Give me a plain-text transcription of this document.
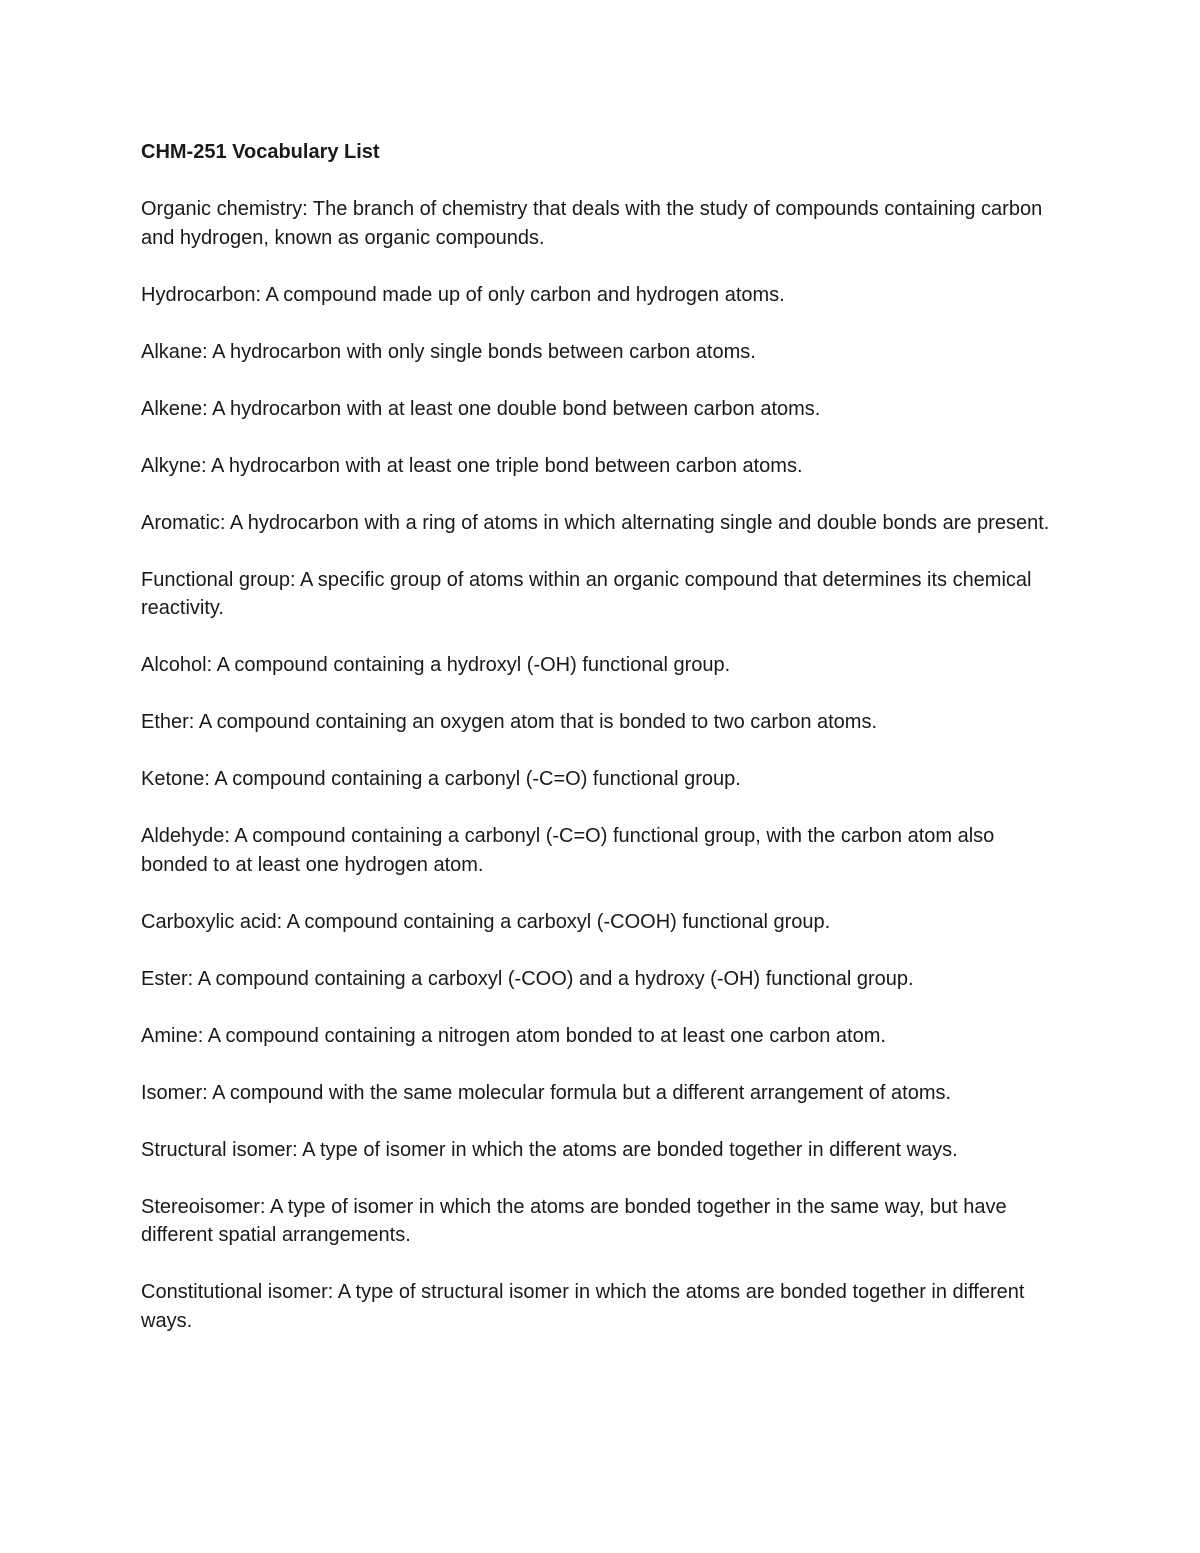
CHM-251 Vocabulary List
Organic chemistry: The branch of chemistry that deals with the study of compounds containing carbon and hydrogen, known as organic compounds.
Hydrocarbon: A compound made up of only carbon and hydrogen atoms.
Alkane: A hydrocarbon with only single bonds between carbon atoms.
Alkene: A hydrocarbon with at least one double bond between carbon atoms.
Alkyne: A hydrocarbon with at least one triple bond between carbon atoms.
Aromatic: A hydrocarbon with a ring of atoms in which alternating single and double bonds are present.
Functional group: A specific group of atoms within an organic compound that determines its chemical reactivity.
Alcohol: A compound containing a hydroxyl (-OH) functional group.
Ether: A compound containing an oxygen atom that is bonded to two carbon atoms.
Ketone: A compound containing a carbonyl (-C=O) functional group.
Aldehyde: A compound containing a carbonyl (-C=O) functional group, with the carbon atom also bonded to at least one hydrogen atom.
Carboxylic acid: A compound containing a carboxyl (-COOH) functional group.
Ester: A compound containing a carboxyl (-COO) and a hydroxy (-OH) functional group.
Amine: A compound containing a nitrogen atom bonded to at least one carbon atom.
Isomer: A compound with the same molecular formula but a different arrangement of atoms.
Structural isomer: A type of isomer in which the atoms are bonded together in different ways.
Stereoisomer: A type of isomer in which the atoms are bonded together in the same way, but have different spatial arrangements.
Constitutional isomer: A type of structural isomer in which the atoms are bonded together in different ways.
